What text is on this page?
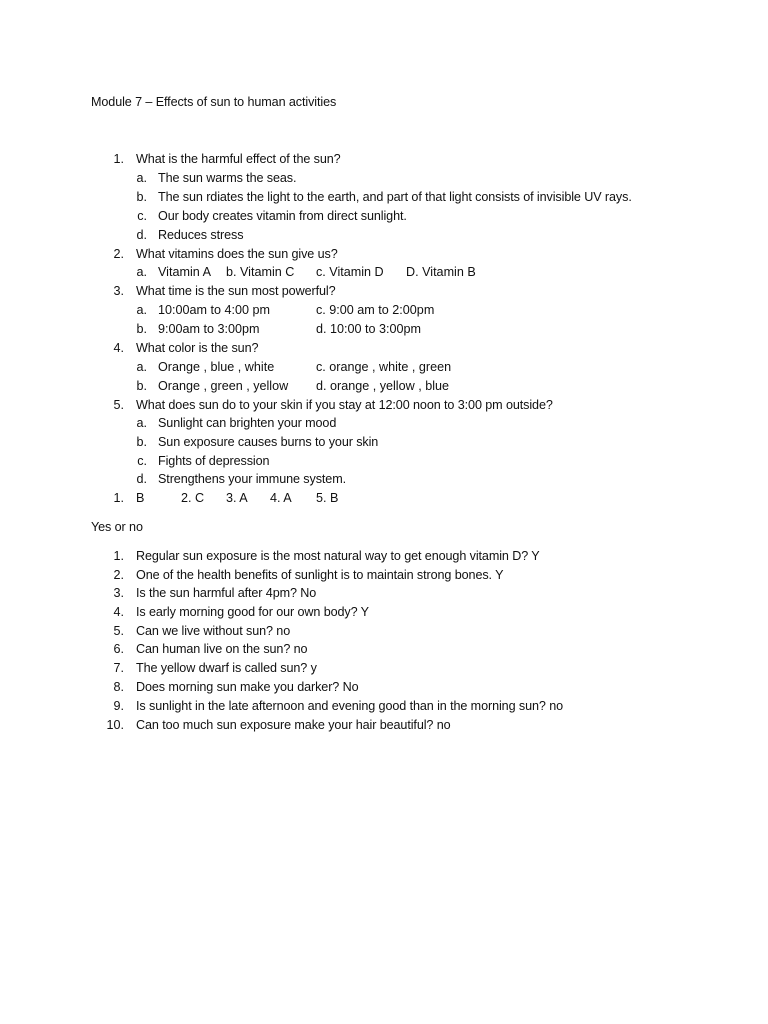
Module 7 – Effects of sun to human activities
1. What is the harmful effect of the sun?
a. The sun warms the seas.
b. The sun rdiates the light to the earth, and part of that light consists of invisible UV rays.
c. Our body creates vitamin from direct sunlight.
d. Reduces stress
2. What vitamins does the sun give us?
a. Vitamin A b. Vitamin C c. Vitamin D D. Vitamin B
3. What time is the sun most powerful?
a. 10:00am to 4:00 pm	c. 9:00 am to 2:00pm
b. 9:00am to 3:00pm	d. 10:00 to 3:00pm
4. What color is the sun?
a. Orange , blue , white	c. orange , white , green
b. Orange , green , yellow d. orange , yellow , blue
5. What does sun do to your skin if you stay at 12:00 noon to 3:00 pm outside?
a. Sunlight can brighten your mood
b. Sun exposure causes burns to your skin
c. Fights of depression
d. Strengthens your immune system.
1. B	2. C 3. A 4. A 5. B
Yes or no
1. Regular sun exposure is the most natural way to get enough vitamin D? Y
2. One of the health benefits of sunlight is to maintain strong bones. Y
3. Is the sun harmful after 4pm? No
4. Is early morning good for our own body? Y
5. Can we live without sun? no
6. Can human live on the sun? no
7. The yellow dwarf is called sun? y
8. Does morning sun make you darker? No
9. Is sunlight in the late afternoon and evening good than in the morning sun? no
10. Can too much sun exposure make your hair beautiful? no
